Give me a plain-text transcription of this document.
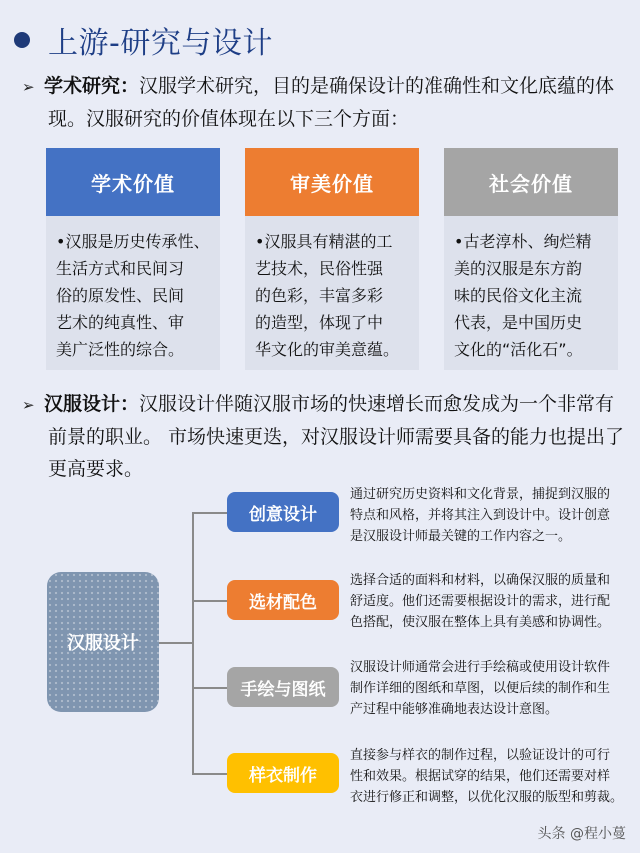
上游-研究与设计
➢ 学术研究：汉服学术研究，目的是确保设计的准确性和文化底蕴的体
现。汉服研究的价值体现在以下三个方面：
学术价值
•汉服是历史传承性、
生活方式和民间习
俗的原发性、民间
艺术的纯真性、审
美广泛性的综合。
审美价值
•汉服具有精湛的工
艺技术，民俗性强
的色彩，丰富多彩
的造型，体现了中
华文化的审美意蕴。
社会价值
•古老淳朴、绚烂精
美的汉服是东方韵
味的民俗文化主流
代表，是中国历史
文化的“活化石”。
➢ 汉服设计：汉服设计伴随汉服市场的快速增长而愈发成为一个非常有
前景的职业。 市场快速更迭，对汉服设计师需要具备的能力也提出了
更高要求。
汉服设计
创意设计
选材配色
手绘与图纸
样衣制作
通过研究历史资料和文化背景，捕捉到汉服的
特点和风格，并将其注入到设计中。设计创意
是汉服设计师最关键的工作内容之一。
选择合适的面料和材料，以确保汉服的质量和
舒适度。他们还需要根据设计的需求，进行配
色搭配，使汉服在整体上具有美感和协调性。
汉服设计师通常会进行手绘稿或使用设计软件
制作详细的图纸和草图，以便后续的制作和生
产过程中能够准确地表达设计意图。
直接参与样衣的制作过程，以验证设计的可行
性和效果。根据试穿的结果，他们还需要对样
衣进行修正和调整，以优化汉服的版型和剪裁。
头条 @程小蔓
